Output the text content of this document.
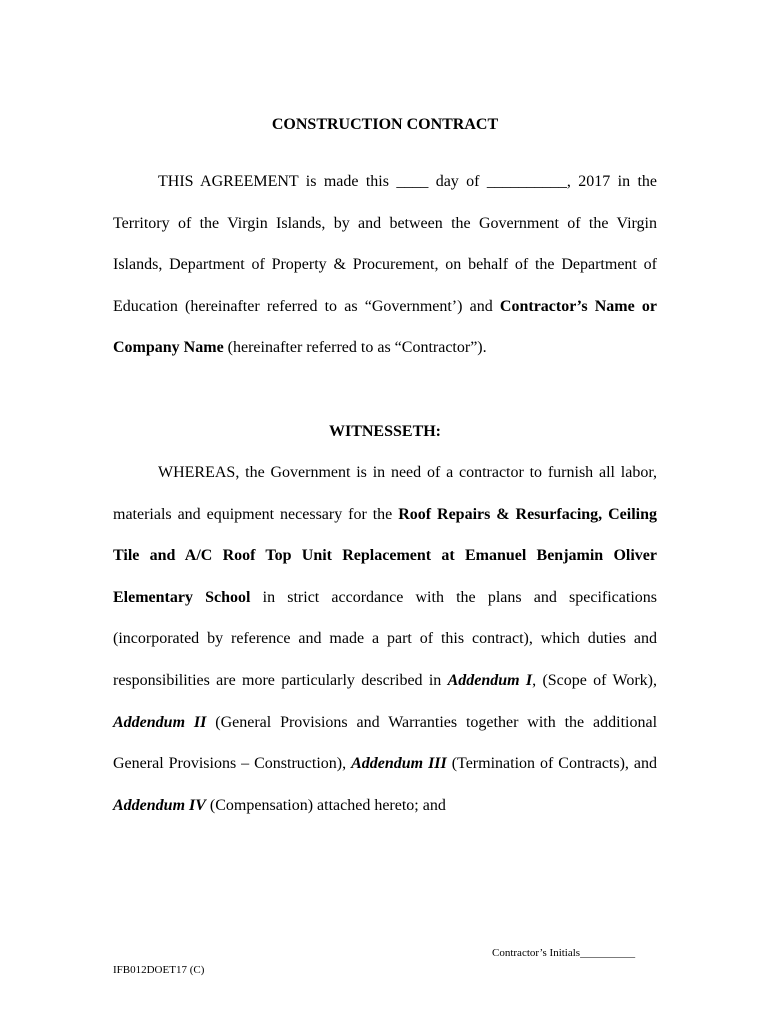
CONSTRUCTION CONTRACT

THIS AGREEMENT is made this ____ day of __________, 2017 in the Territory of the Virgin Islands, by and between the Government of the Virgin Islands, Department of Property & Procurement, on behalf of the Department of Education (hereinafter referred to as “Government’) and Contractor’s Name or Company Name (hereinafter referred to as “Contractor”).

WITNESSETH:

WHEREAS, the Government is in need of a contractor to furnish all labor, materials and equipment necessary for the Roof Repairs & Resurfacing, Ceiling Tile and A/C Roof Top Unit Replacement at Emanuel Benjamin Oliver Elementary School in strict accordance with the plans and specifications (incorporated by reference and made a part of this contract), which duties and responsibilities are more particularly described in Addendum I, (Scope of Work), Addendum II (General Provisions and Warranties together with the additional General Provisions – Construction), Addendum III (Termination of Contracts), and Addendum IV (Compensation) attached hereto; and

Contractor’s Initials__________
IFB012DOET17 (C)
